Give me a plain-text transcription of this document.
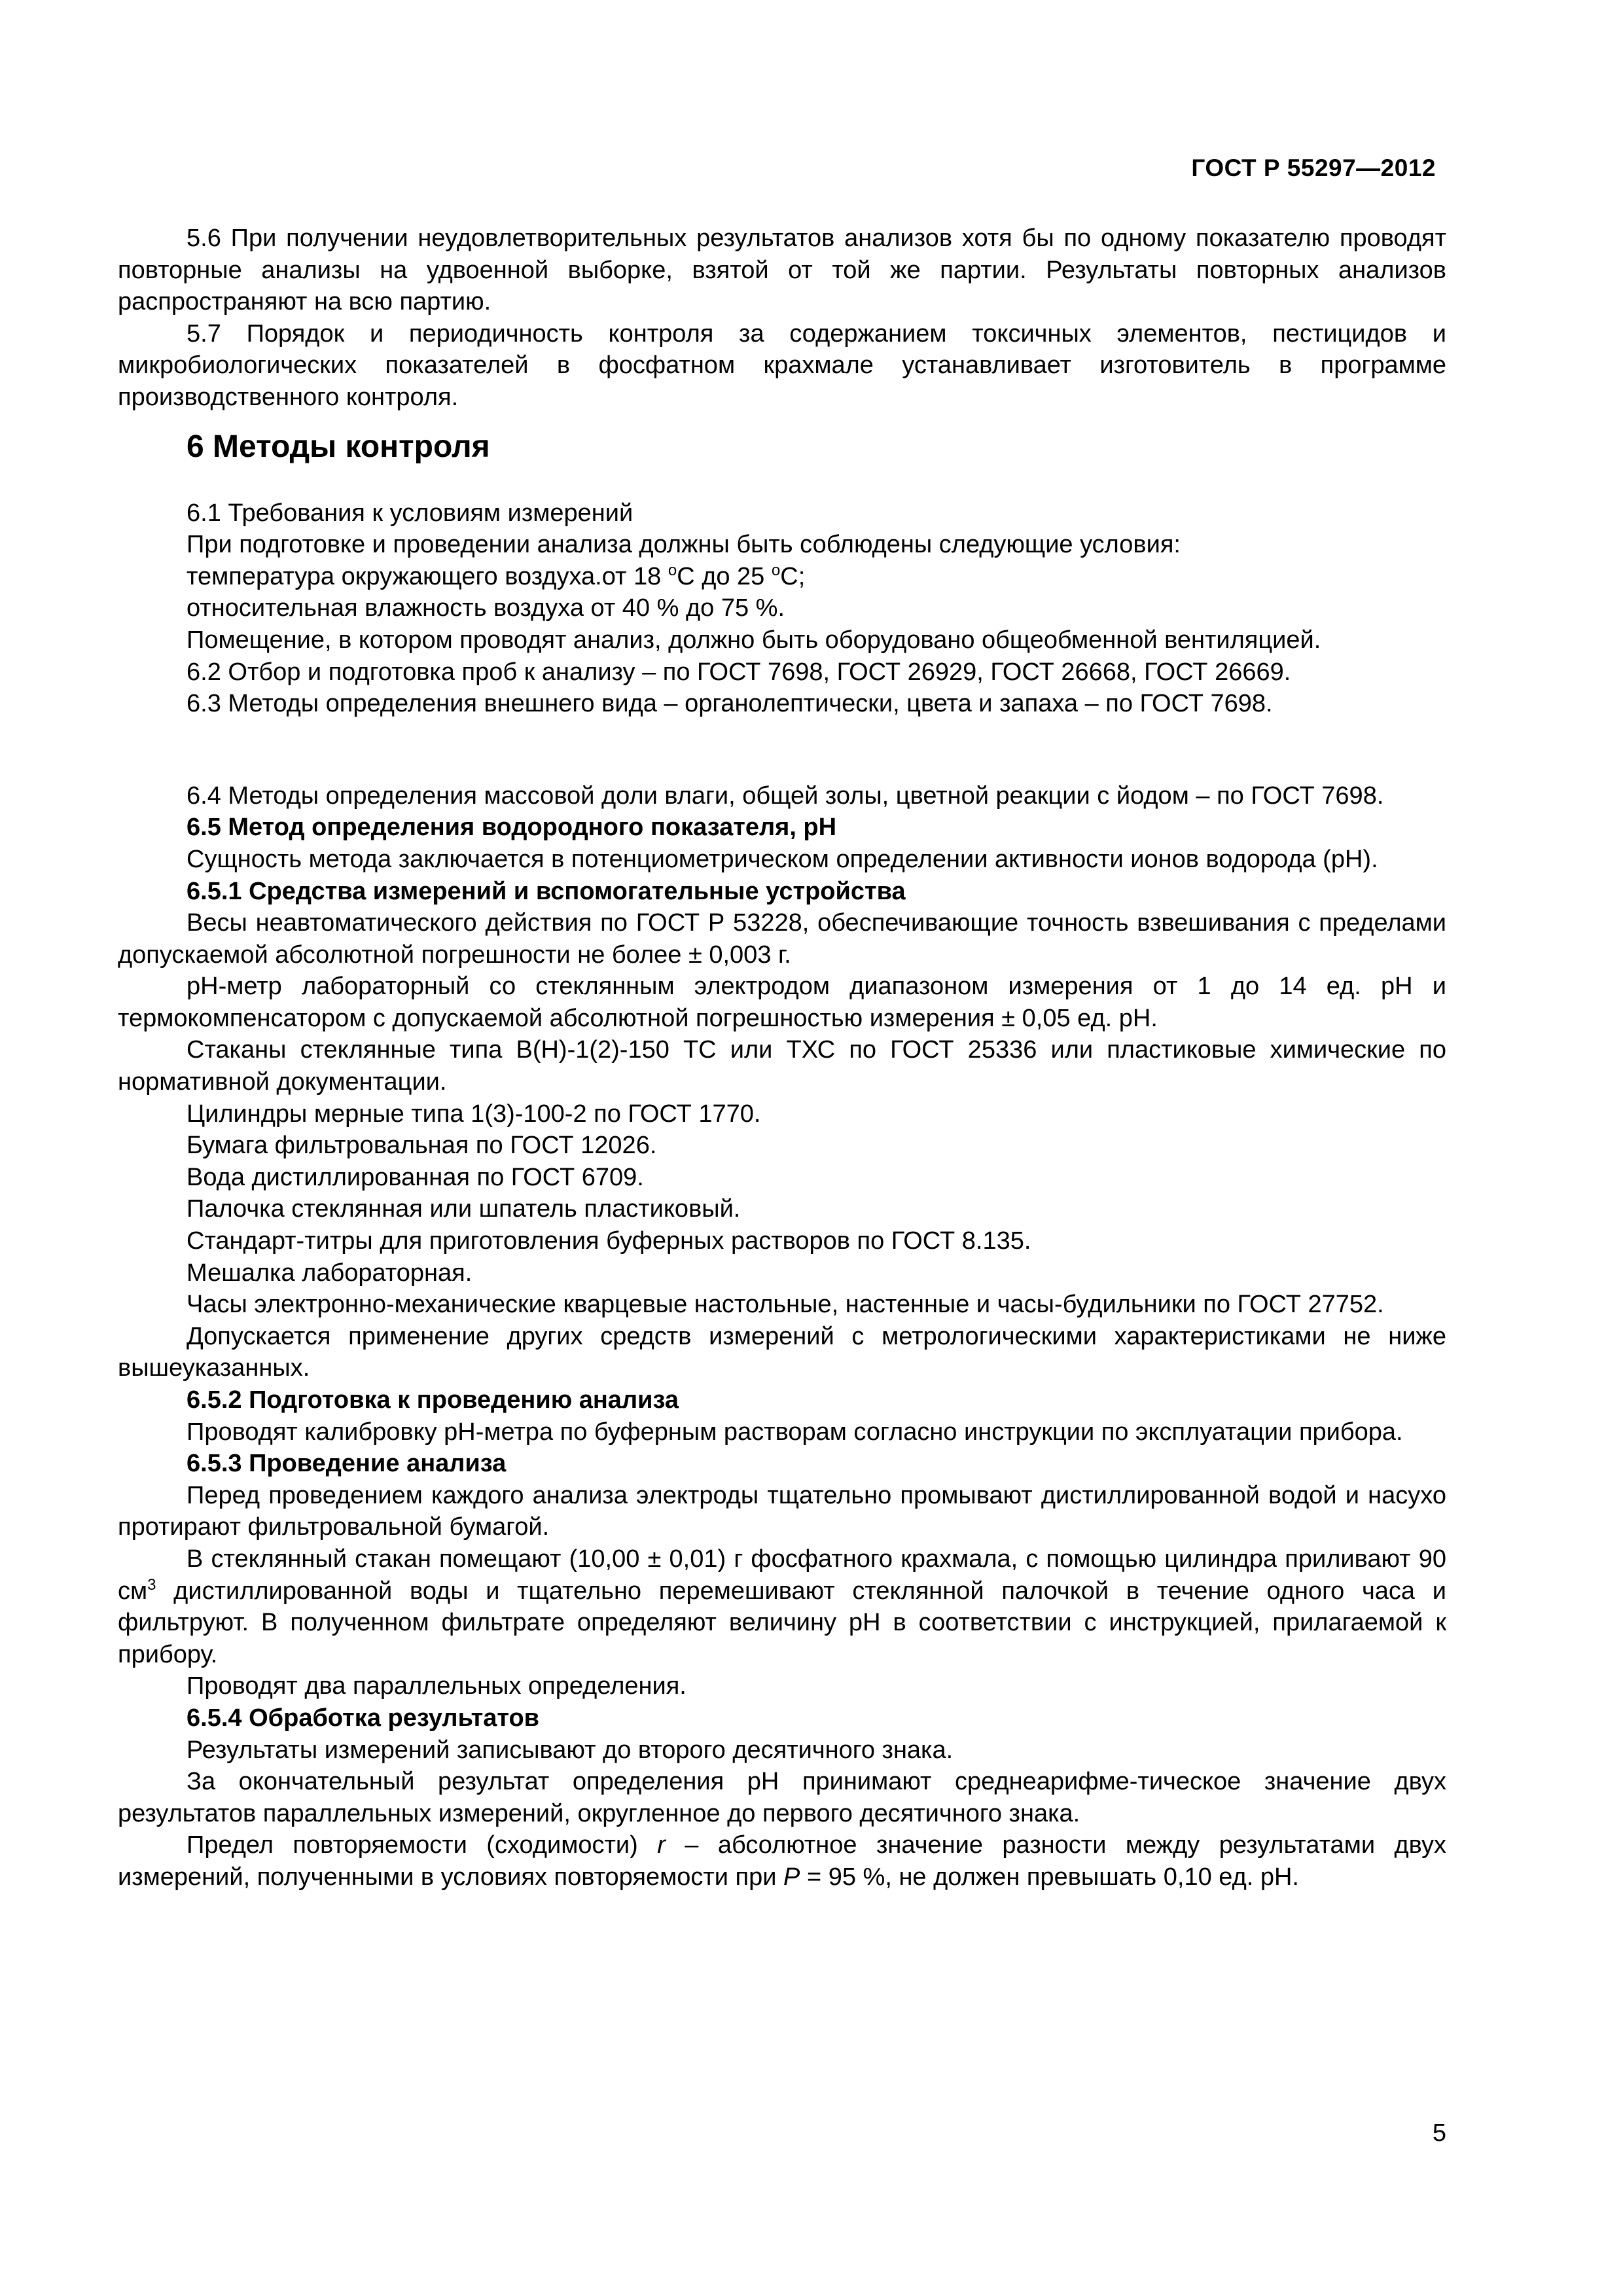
ГОСТ Р 55297—2012

5.6 При получении неудовлетворительных результатов анализов хотя бы по одному показателю проводят повторные анализы на удвоенной выборке, взятой от той же партии. Результаты повторных анализов распространяют на всю партию.

5.7 Порядок и периодичность контроля за содержанием токсичных элементов, пестицидов и микробиологических показателей в фосфатном крахмале устанавливает изготовитель в программе производственного контроля.

6 Методы контроля

6.1 Требования к условиям измерений

При подготовке и проведении анализа должны быть соблюдены следующие условия:

температура окружающего воздуха.от 18 $^о$С до 25 $^о$С;

относительная влажность воздуха от 40 % до 75 %.

Помещение, в котором проводят анализ, должно быть оборудовано общеобменной вентиляцией.

6.2 Отбор и подготовка проб к анализу – по ГОСТ 7698, ГОСТ 26929, ГОСТ 26668, ГОСТ 26669.

6.3 Методы определения внешнего вида – органолептически, цвета и запаха – по ГОСТ 7698.

6.4 Методы определения массовой доли влаги, общей золы, цветной реакции с йодом – по ГОСТ 7698.

6.5 Метод определения водородного показателя, рН

Сущность метода заключается в потенциометрическом определении активности ионов водорода (рН).

6.5.1 Средства измерений и вспомогательные устройства

Весы неавтоматического действия по ГОСТ Р 53228, обеспечивающие точность взвешивания с пределами допускаемой абсолютной погрешности не более ± 0,003 г.

рН-метр лабораторный со стеклянным электродом диапазоном измерения от 1 до 14 ед. рН и термокомпенсатором с допускаемой абсолютной погрешностью измерения ± 0,05 ед. рН.

Стаканы стеклянные типа В(Н)-1(2)-150 ТС или ТХС по ГОСТ 25336 или пластиковые химические по нормативной документации.

Цилиндры мерные типа 1(3)-100-2 по ГОСТ 1770.

Бумага фильтровальная по ГОСТ 12026.

Вода дистиллированная по ГОСТ 6709.

Палочка стеклянная или шпатель пластиковый.

Стандарт-титры для приготовления буферных растворов по ГОСТ 8.135.

Мешалка лабораторная.

Часы электронно-механические кварцевые настольные, настенные и часы-будильники по ГОСТ 27752.

Допускается применение других средств измерений с метрологическими характеристиками не ниже вышеуказанных.

6.5.2 Подготовка к проведению анализа

Проводят калибровку рН-метра по буферным растворам согласно инструкции по эксплуатации прибора.

6.5.3 Проведение анализа

Перед проведением каждого анализа электроды тщательно промывают дистиллированной водой и насухо протирают фильтровальной бумагой.

В стеклянный стакан помещают (10,00 ± 0,01) г фосфатного крахмала, с помощью цилиндра приливают 90 $см^3$ дистиллированной воды и тщательно перемешивают стеклянной палочкой в течение одного часа и фильтруют. В полученном фильтрате определяют величину рН в соответствии с инструкцией, прилагаемой к прибору.

Проводят два параллельных определения.

6.5.4 Обработка результатов

Результаты измерений записывают до второго десятичного знака.

За окончательный результат определения рН принимают среднеарифме-тическое значение двух результатов параллельных измерений, округленное до первого десятичного знака.

Предел повторяемости (сходимости) r – абсолютное значение разности между результатами двух измерений, полученными в условиях повторяемости при P = 95 %, не должен превышать 0,10 ед. рН.

5
